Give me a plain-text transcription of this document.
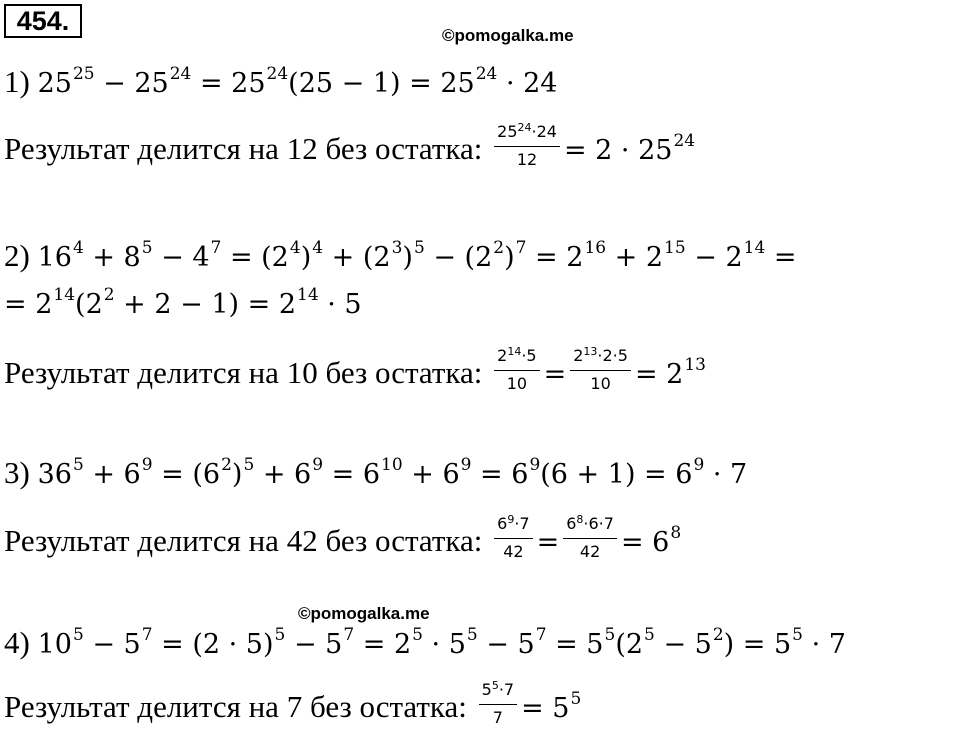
454.	©pomogalka.me
1) $25^{25} - 25^{24} = 25^{24}(25 - 1) = 25^{24} \cdot 24$
Результат делится на 12 без остатка: $\frac{25^{24}\cdot 24}{12} = 2 \cdot 25^{24}$
2) $16^4 + 8^5 - 4^7 = (2^4)^4 + (2^3)^5 - (2^2)^7 = 2^{16} + 2^{15} - 2^{14}$ =
= $2^{14}(2^2 + 2 - 1) = 2^{14} \cdot 5$
Результат делится на 10 без остатка: $\frac{2^{14}\cdot 5}{10} = \frac{2^{13}\cdot 2\cdot 5}{10} = 2^{13}$
3) $36^5 + 6^9 = (6^2)^5 + 6^9 = 6^{10} + 6^9 = 6^9(6 + 1) = 6^9 \cdot 7$
Результат делится на 42 без остатка: $\frac{6^9\cdot 7}{42} = \frac{6^8\cdot 6\cdot 7}{42} = 6^8$
©pomogalka.me
4) $10^5 - 5^7 = (2 \cdot 5)^5 - 5^7 = 2^5 \cdot 5^5 - 5^7 = 5^5(2^5 - 5^2) = 5^5 \cdot 7$
Результат делится на 7 без остатка: $\frac{5^5\cdot 7}{7} = 5^5$
